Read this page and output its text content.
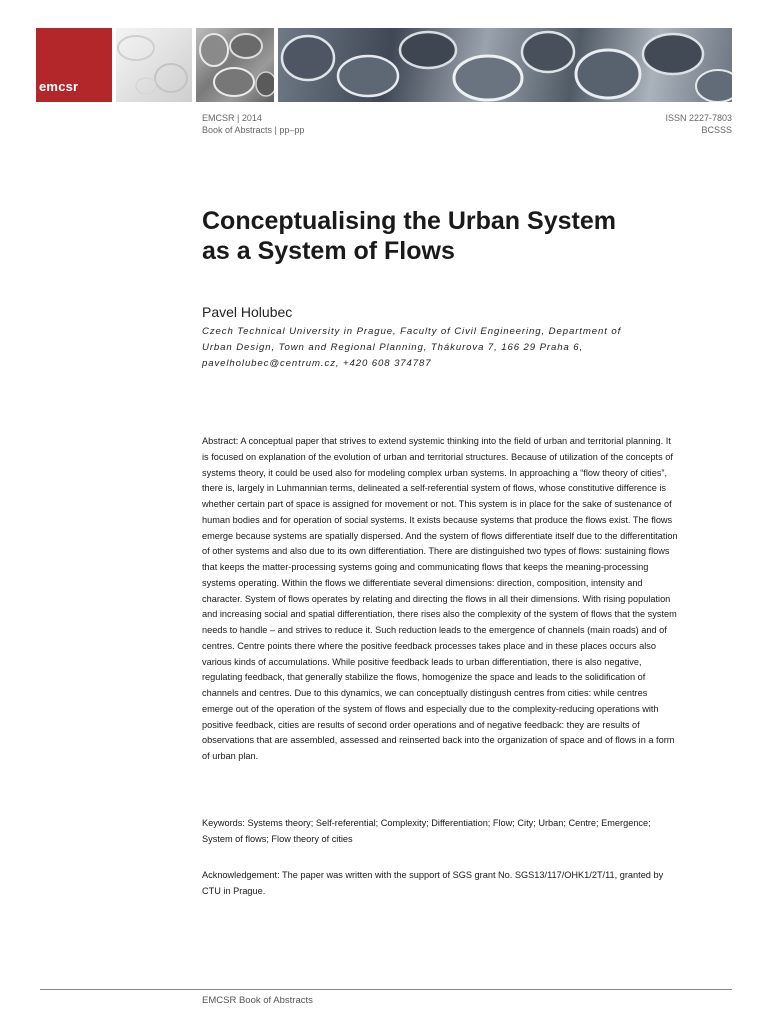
emcsr
EMCSR | 2014
Book of Abstracts | pp–pp
ISSN 2227-7803
BCSSS
Conceptualising the Urban System
as a System of Flows
Pavel Holubec
Czech Technical University in Prague, Faculty of Civil Engineering, Department of
Urban Design, Town and Regional Planning, Thákurova 7, 166 29 Praha 6,
pavelholubec@centrum.cz, +420 608 374787

Abstract: A conceptual paper that strives to extend systemic thinking into the field of urban and territorial planning. It is focused on explanation of the evolution of urban and territorial structures. Because of utilization of the concepts of systems theory, it could be used also for modeling complex urban systems. In approaching a “flow theory of cities”, there is, largely in Luhmannian terms, delineated a self-referential system of flows, whose constitutive difference is whether certain part of space is assigned for movement or not. This system is in place for the sake of sustenance of human bodies and for operation of social systems. It exists because systems that produce the flows exist. The flows emerge because systems are spatially dispersed. And the system of flows differentiate itself due to the differentitation of other systems and also due to its own differentiation. There are distinguished two types of flows: sustaining flows that keeps the matter-processing systems going and communicating flows that keeps the meaning-processing systems operating. Within the flows we differentiate several dimensions: direction, composition, intensity and character. System of flows operates by relating and directing the flows in all their dimensions. With rising population and increasing social and spatial differentiation, there rises also the complexity of the system of flows that the system needs to handle – and strives to reduce it. Such reduction leads to the emergence of channels (main roads) and of centres. Centre points there where the positive feedback processes takes place and in these places occurs also various kinds of accumulations. While positive feedback leads to urban differentiation, there is also negative, regulating feedback, that generally stabilize the flows, homogenize the space and leads to the solidification of channels and centres. Due to this dynamics, we can conceptually distingush centres from cities: while centres emerge out of the operation of the system of flows and especially due to the complexity-reducing operations with positive feedback, cities are results of second order operations and of negative feedback: they are results of observations that are assembled, assessed and reinserted back into the organization of space and of flows in a form of urban plan.

Keywords: Systems theory; Self-referential; Complexity; Differentiation; Flow; City; Urban; Centre; Emergence; System of flows; Flow theory of cities

Acknowledgement: The paper was written with the support of SGS grant No. SGS13/117/OHK1/2T/11, granted by CTU in Prague.

EMCSR Book of Abstracts
